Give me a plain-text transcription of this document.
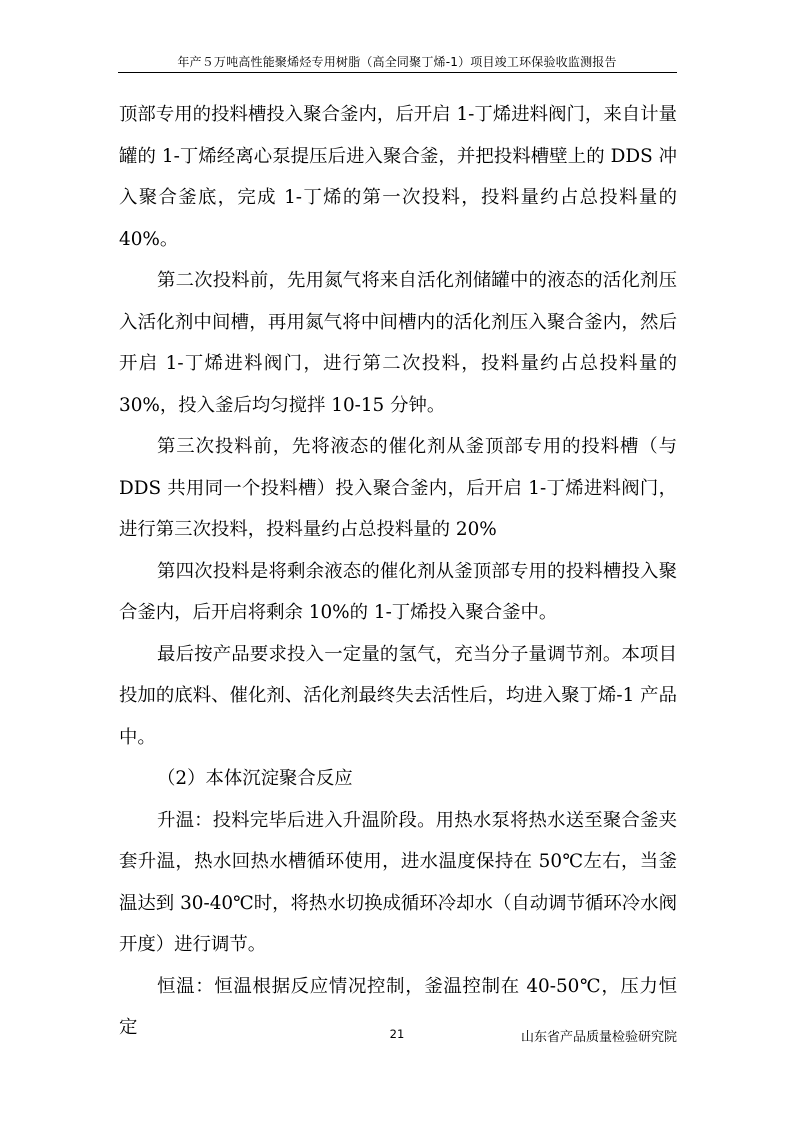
年产５万吨高性能聚烯烃专用树脂（高全同聚丁烯-1）项目竣工环保验收监测报告

顶部专用的投料槽投入聚合釜内，后开启 1-丁烯进料阀门，来自计量罐的 1-丁烯经离心泵提压后进入聚合釜，并把投料槽壁上的 DDS 冲入聚合釜底，完成 1-丁烯的第一次投料，投料量约占总投料量的 40%。

第二次投料前，先用氮气将来自活化剂储罐中的液态的活化剂压入活化剂中间槽，再用氮气将中间槽内的活化剂压入聚合釜内，然后开启 1-丁烯进料阀门，进行第二次投料，投料量约占总投料量的 30%，投入釜后均匀搅拌 10-15 分钟。

第三次投料前，先将液态的催化剂从釜顶部专用的投料槽（与 DDS 共用同一个投料槽）投入聚合釜内，后开启 1-丁烯进料阀门，进行第三次投料，投料量约占总投料量的 20%

第四次投料是将剩余液态的催化剂从釜顶部专用的投料槽投入聚合釜内，后开启将剩余 10%的 1-丁烯投入聚合釜中。

最后按产品要求投入一定量的氢气，充当分子量调节剂。本项目投加的底料、催化剂、活化剂最终失去活性后，均进入聚丁烯-1 产品中。

（2）本体沉淀聚合反应

升温：投料完毕后进入升温阶段。用热水泵将热水送至聚合釜夹套升温，热水回热水槽循环使用，进水温度保持在 50℃左右，当釜温达到 30-40℃时，将热水切换成循环冷却水（自动调节循环冷水阀开度）进行调节。

恒温：恒温根据反应情况控制，釜温控制在 40-50℃，压力恒定	21	山东省产品质量检验研究院
